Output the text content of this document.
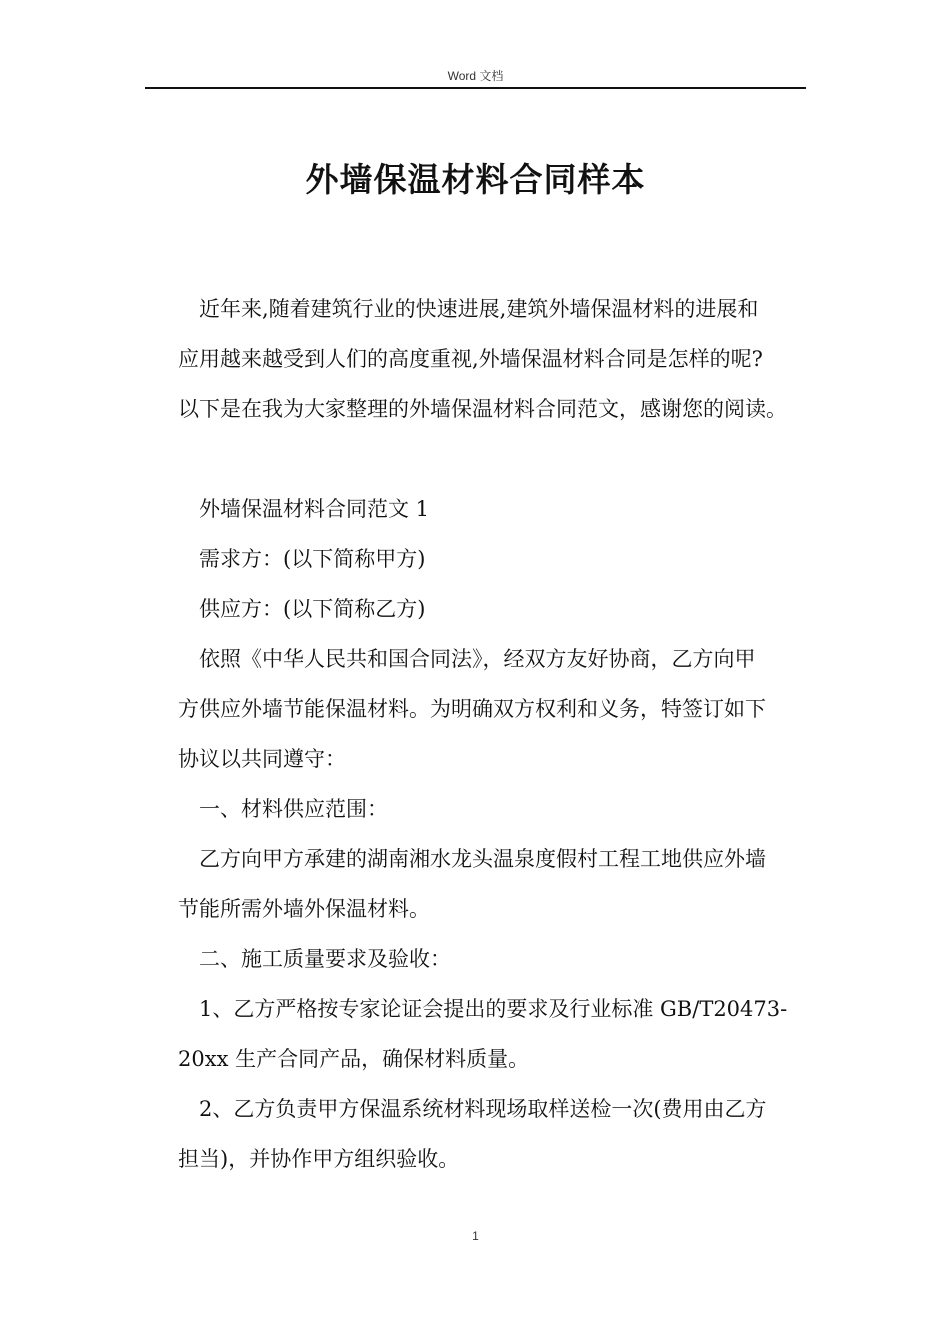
Word 文档
外墙保温材料合同样本
近年来,随着建筑行业的快速进展,建筑外墙保温材料的进展和
应用越来越受到人们的高度重视,外墙保温材料合同是怎样的呢?
以下是在我为大家整理的外墙保温材料合同范文，感谢您的阅读。
外墙保温材料合同范文 1
需求方：(以下简称甲方)
供应方：(以下简称乙方)
依照《中华人民共和国合同法》，经双方友好协商，乙方向甲
方供应外墙节能保温材料。为明确双方权利和义务，特签订如下
协议以共同遵守：
一、材料供应范围：
乙方向甲方承建的湖南湘水龙头温泉度假村工程工地供应外墙
节能所需外墙外保温材料。
二、施工质量要求及验收：
1、乙方严格按专家论证会提出的要求及行业标准 GB/T20473-
20xx 生产合同产品，确保材料质量。
2、乙方负责甲方保温系统材料现场取样送检一次(费用由乙方
担当)，并协作甲方组织验收。
1
